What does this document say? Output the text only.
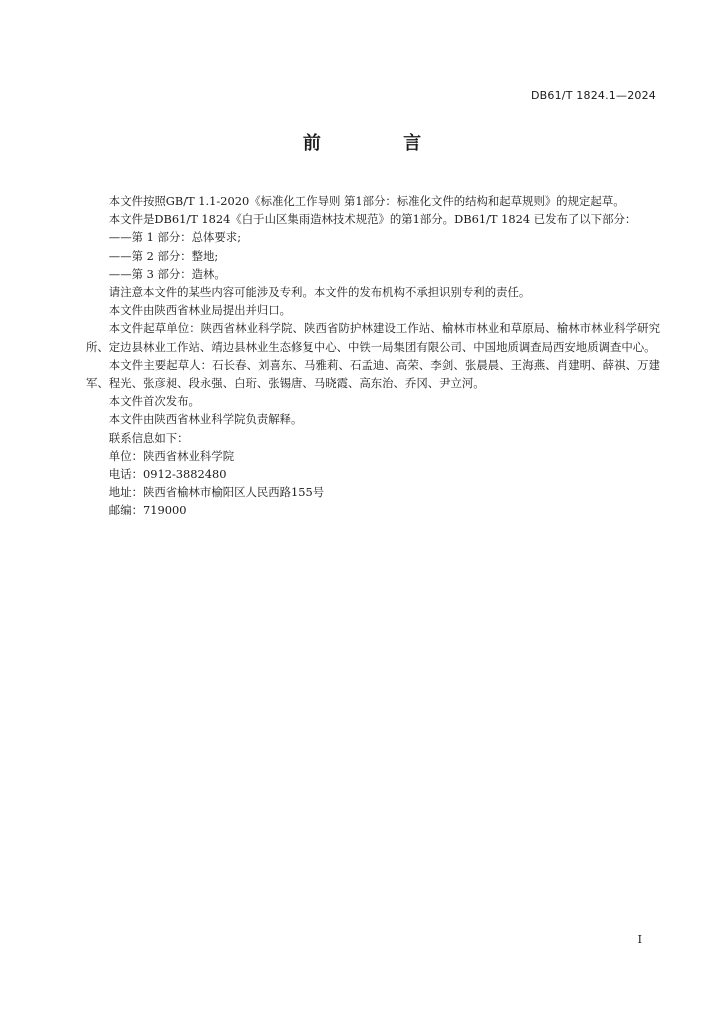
DB61/T 1824.1—2024
前 言

本文件按照GB/T 1.1-2020《标准化工作导则 第1部分：标准化文件的结构和起草规则》的规定起草。

本文件是DB61/T 1824《白于山区集雨造林技术规范》的第1部分。DB61/T 1824 已发布了以下部分：

——第 1 部分：总体要求;

——第 2 部分：整地;

——第 3 部分：造林。

请注意本文件的某些内容可能涉及专利。本文件的发布机构不承担识别专利的责任。

本文件由陕西省林业局提出并归口。

本文件起草单位：陕西省林业科学院、陕西省防护林建设工作站、榆林市林业和草原局、榆林市林业科学研究所、定边县林业工作站、靖边县林业生态修复中心、中铁一局集团有限公司、中国地质调查局西安地质调查中心。

本文件主要起草人：石长春、刘喜东、马雅莉、石孟迪、高荣、李剑、张晨晨、王海燕、肖建明、薛祺、万建军、程光、张彦昶、段永强、白珩、张锡唐、马晓霞、高东治、乔冈、尹立河。

本文件首次发布。

本文件由陕西省林业科学院负责解释。

联系信息如下：

单位：陕西省林业科学院

电话：0912-3882480

地址：陕西省榆林市榆阳区人民西路155号

邮编：719000

I
